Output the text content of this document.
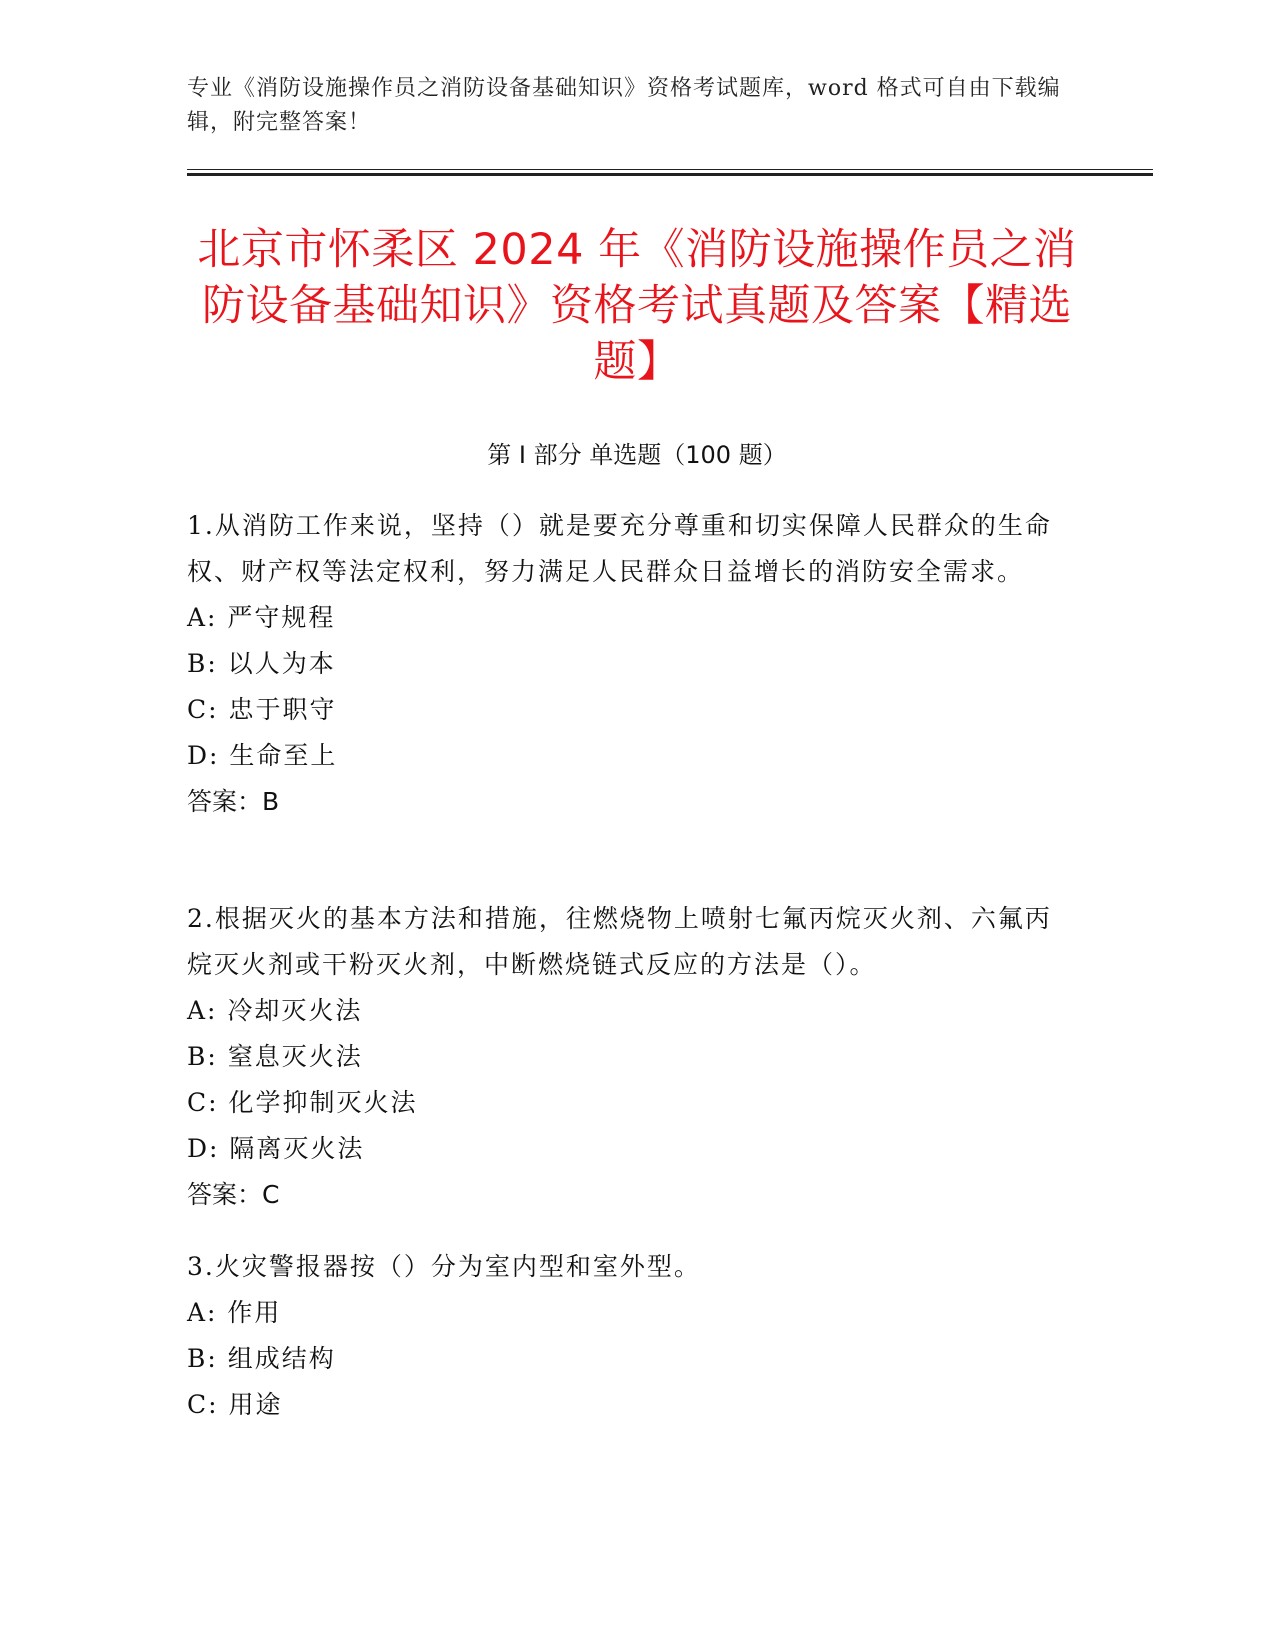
专业《消防设施操作员之消防设备基础知识》资格考试题库，word 格式可自由下载编辑，附完整答案！
北京市怀柔区 2024 年《消防设施操作员之消防设备基础知识》资格考试真题及答案【精选题】
第 I 部分 单选题（100 题）

1.从消防工作来说，坚持（）就是要充分尊重和切实保障人民群众的生命权、财产权等法定权利，努力满足人民群众日益增长的消防安全需求。

A: 严守规程

B: 以人为本

C: 忠于职守

D: 生命至上

答案：B

2.根据灭火的基本方法和措施，往燃烧物上喷射七氟丙烷灭火剂、六氟丙烷灭火剂或干粉灭火剂，中断燃烧链式反应的方法是（）。

A: 冷却灭火法

B: 窒息灭火法

C: 化学抑制灭火法

D: 隔离灭火法

答案：C

3.火灾警报器按（）分为室内型和室外型。

A: 作用

B: 组成结构

C: 用途
